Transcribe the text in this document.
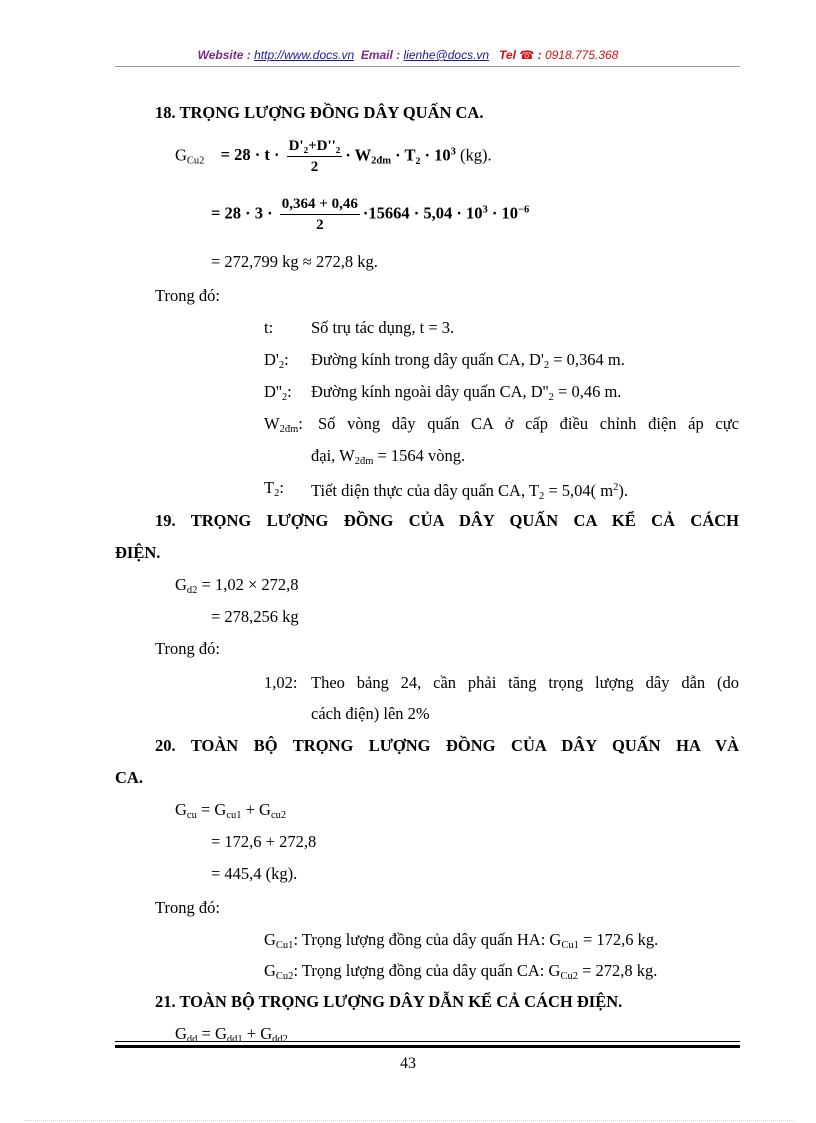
Website : http://www.docs.vn Email : lienhe@docs.vn Tel ☎ : 0918.775.368
18. TRỌNG LƯỢNG ĐỒNG DÂY QUẤN CA.
$G_{Cu2} = 28 \cdot t \cdot \frac{\text{D'₂+D''₂}}{2} \cdot W_{2đm} \cdot T_2 \cdot 10^3$ (kg).
= $28 \cdot 3 \cdot \frac{0,364 + 0,46}{2} \cdot 15664 \cdot 5,04 \cdot 10^3 \cdot 10^{-6}$
= 272,799 kg ≈ 272,8 kg.
Trong đó:
t: Số trụ tác dụng, t = 3.
$D'_2$: Đường kính trong dây quấn CA, $D'_2 = 0,364$ m.
$D''_2$: Đường kính ngoài dây quấn CA, $D''_2 = 0,46$ m.
$W_{2đm}$: Số vòng dây quấn CA ở cấp điều chỉnh điện áp cực
đại, $W_{2đm} = 1564$ vòng.
$T_2$: Tiết diện thực của dây quấn CA, $T_2 = 5,04$( $m^2$).
19. TRỌNG LƯỢNG ĐỒNG CỦA DÂY QUẤN CA KỂ CẢ CÁCH
ĐIỆN.
$G_{d2} = 1,02 \times 272,8$
= 278,256 kg
Trong đó:
1,02: Theo bảng 24, cần phải tăng trọng lượng dây dẫn (do
cách điện) lên 2%
20. TOÀN BỘ TRỌNG LƯỢNG ĐỒNG CỦA DÂY QUẤN HA VÀ
CA.
$G_{cu} = G_{cu1} + G_{cu2}$
= 172,6 + 272,8
= 445,4 (kg).
Trong đó:
$G_{Cu1}$: Trọng lượng đồng của dây quấn HA: $G_{Cu1} = 172,6$ kg.
$G_{Cu2}$: Trọng lượng đồng của dây quấn CA: $G_{Cu2} = 272,8$ kg.
21. TOÀN BỘ TRỌNG LƯỢNG DÂY DẪN KỂ CẢ CÁCH ĐIỆN.
$G_{dd} = G_{dd1} + G_{dd2}$
43
